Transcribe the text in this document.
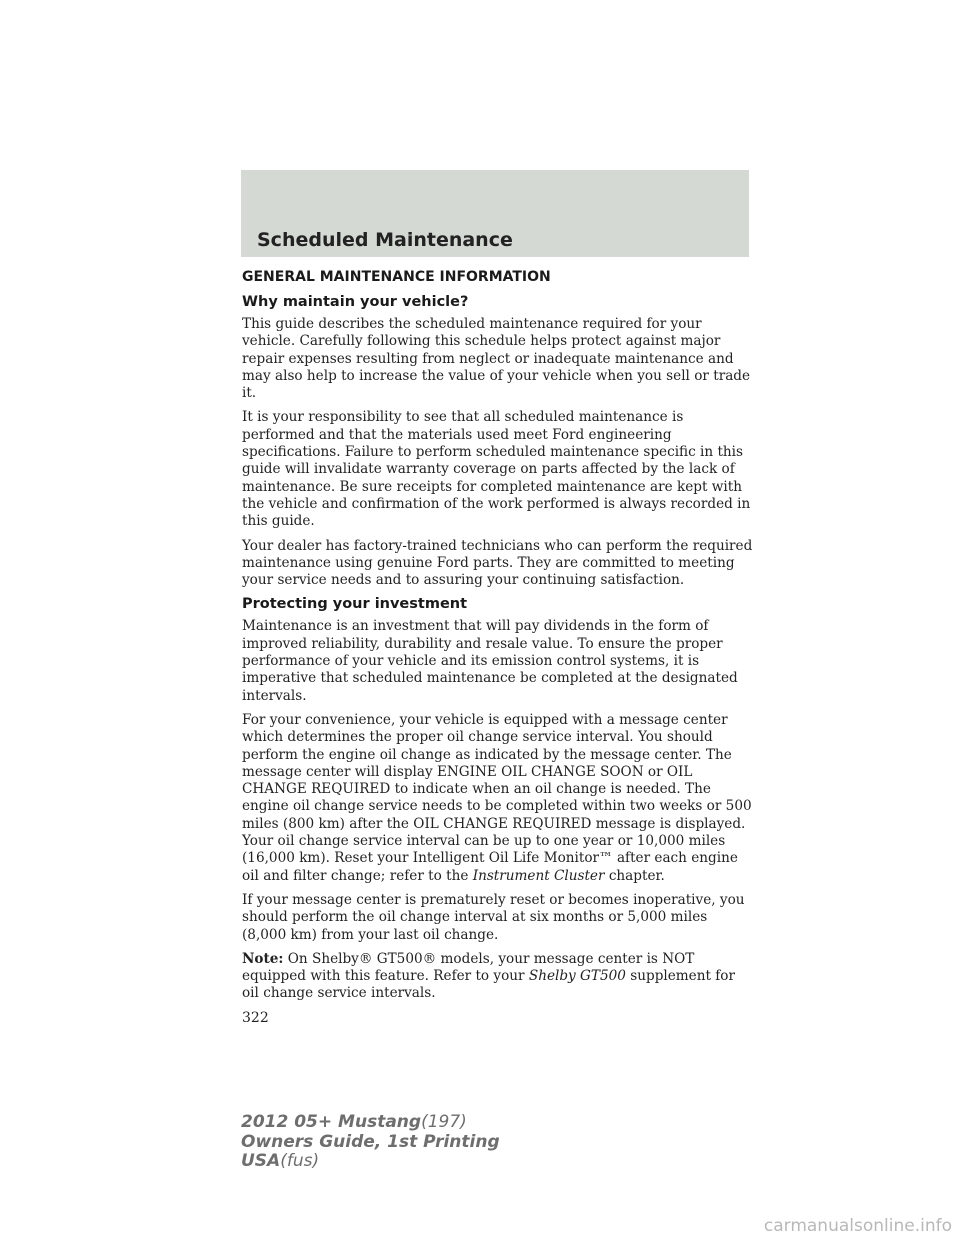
Scheduled Maintenance
GENERAL MAINTENANCE INFORMATION
Why maintain your vehicle?

This guide describes the scheduled maintenance required for your vehicle. Carefully following this schedule helps protect against major repair expenses resulting from neglect or inadequate maintenance and may also help to increase the value of your vehicle when you sell or trade it.

It is your responsibility to see that all scheduled maintenance is performed and that the materials used meet Ford engineering specifications. Failure to perform scheduled maintenance specific in this guide will invalidate warranty coverage on parts affected by the lack of maintenance. Be sure receipts for completed maintenance are kept with the vehicle and confirmation of the work performed is always recorded in this guide.

Your dealer has factory-trained technicians who can perform the required maintenance using genuine Ford parts. They are committed to meeting your service needs and to assuring your continuing satisfaction.

Protecting your investment

Maintenance is an investment that will pay dividends in the form of improved reliability, durability and resale value. To ensure the proper performance of your vehicle and its emission control systems, it is imperative that scheduled maintenance be completed at the designated intervals.

For your convenience, your vehicle is equipped with a message center which determines the proper oil change service interval. You should perform the engine oil change as indicated by the message center. The message center will display ENGINE OIL CHANGE SOON or OIL CHANGE REQUIRED to indicate when an oil change is needed. The engine oil change service needs to be completed within two weeks or 500 miles (800 km) after the OIL CHANGE REQUIRED message is displayed. Your oil change service interval can be up to one year or 10,000 miles (16,000 km). Reset your Intelligent Oil Life Monitor™ after each engine oil and filter change; refer to the Instrument Cluster chapter.

If your message center is prematurely reset or becomes inoperative, you should perform the oil change interval at six months or 5,000 miles (8,000 km) from your last oil change.

Note: On Shelby® GT500® models, your message center is NOT equipped with this feature. Refer to your Shelby GT500 supplement for oil change service intervals.

322

2012 05+ Mustang(197)
Owners Guide, 1st Printing
USA(fus)
carmanualsonline.info
